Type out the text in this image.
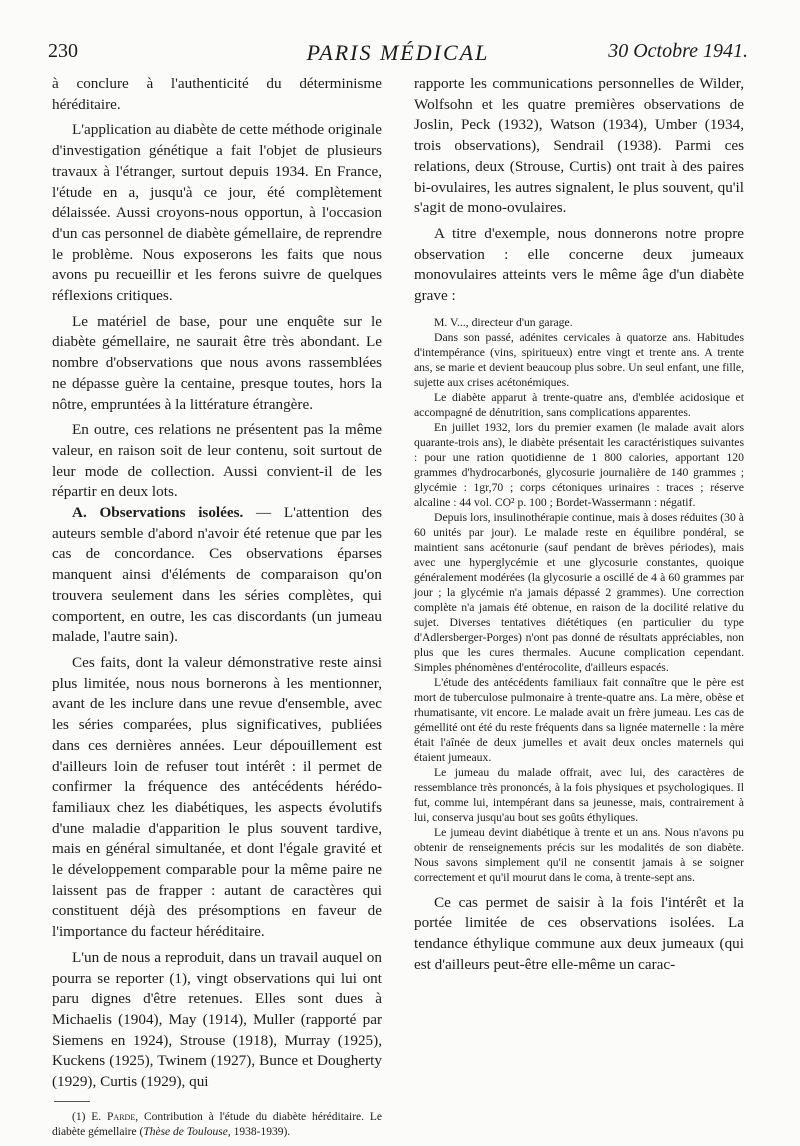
230	PARIS MÉDICAL	30 Octobre 1941.

à conclure à l'authenticité du déterminisme héréditaire.

L'application au diabète de cette méthode originale d'investigation génétique a fait l'objet de plusieurs travaux à l'étranger, surtout depuis 1934. En France, l'étude en a, jusqu'à ce jour, été complètement délaissée. Aussi croyons-nous opportun, à l'occasion d'un cas personnel de diabète gémellaire, de reprendre le problème. Nous exposerons les faits que nous avons pu recueillir et les ferons suivre de quelques réflexions critiques.

Le matériel de base, pour une enquête sur le diabète gémellaire, ne saurait être très abondant. Le nombre d'observations que nous avons rassemblées ne dépasse guère la centaine, presque toutes, hors la nôtre, empruntées à la littérature étrangère.

En outre, ces relations ne présentent pas la même valeur, en raison soit de leur contenu, soit surtout de leur mode de collection. Aussi convient-il de les répartir en deux lots.

A. Observations isolées. — L'attention des auteurs semble d'abord n'avoir été retenue que par les cas de concordance. Ces observations éparses manquent ainsi d'éléments de comparaison qu'on trouvera seulement dans les séries complètes, qui comportent, en outre, les cas discordants (un jumeau malade, l'autre sain).

Ces faits, dont la valeur démonstrative reste ainsi plus limitée, nous nous bornerons à les mentionner, avant de les inclure dans une revue d'ensemble, avec les séries comparées, plus significatives, publiées dans ces dernières années. Leur dépouillement est d'ailleurs loin de refuser tout intérêt : il permet de confirmer la fréquence des antécédents hérédo-familiaux chez les diabétiques, les aspects évolutifs d'une maladie d'apparition le plus souvent tardive, mais en général simultanée, et dont l'égale gravité et le développement comparable pour la même paire ne laissent pas de frapper : autant de caractères qui constituent déjà des présomptions en faveur de l'importance du facteur héréditaire.

L'un de nous a reproduit, dans un travail auquel on pourra se reporter (1), vingt observations qui lui ont paru dignes d'être retenues. Elles sont dues à Michaelis (1904), May (1914), Muller (rapporté par Siemens en 1924), Strouse (1918), Murray (1925), Kuckens (1925), Twinem (1927), Bunce et Dougherty (1929), Curtis (1929), qui

(1) E. Parde, Contribution à l'étude du diabète héréditaire. Le diabète gémellaire (Thèse de Toulouse, 1938-1939).

rapporte les communications personnelles de Wilder, Wolfsohn et les quatre premières observations de Joslin, Peck (1932), Watson (1934), Umber (1934, trois observations), Sendrail (1938). Parmi ces relations, deux (Strouse, Curtis) ont trait à des paires bi-ovulaires, les autres signalent, le plus souvent, qu'il s'agit de mono-ovulaires.

A titre d'exemple, nous donnerons notre propre observation : elle concerne deux jumeaux monovulaires atteints vers le même âge d'un diabète grave :

M. V..., directeur d'un garage.

Dans son passé, adénites cervicales à quatorze ans. Habitudes d'intempérance (vins, spiritueux) entre vingt et trente ans. A trente ans, se marie et devient beaucoup plus sobre. Un seul enfant, une fille, sujette aux crises acétonémiques.

Le diabète apparut à trente-quatre ans, d'emblée acidosique et accompagné de dénutrition, sans complications apparentes.

En juillet 1932, lors du premier examen (le malade avait alors quarante-trois ans), le diabète présentait les caractéristiques suivantes : pour une ration quotidienne de 1 800 calories, apportant 120 grammes d'hydrocarbonés, glycosurie journalière de 140 grammes ; glycémie : 1gr,70 ; corps cétoniques urinaires : traces ; réserve alcaline : 44 vol. CO² p. 100 ; Bordet-Wassermann : négatif.

Depuis lors, insulinothérapie continue, mais à doses réduites (30 à 60 unités par jour). Le malade reste en équilibre pondéral, se maintient sans acétonurie (sauf pendant de brèves périodes), mais avec une hyperglycémie et une glycosurie constantes, quoique généralement modérées (la glycosurie a oscillé de 4 à 60 grammes par jour ; la glycémie n'a jamais dépassé 2 grammes). Une correction complète n'a jamais été obtenue, en raison de la docilité relative du sujet. Diverses tentatives diététiques (en particulier du type d'Adlersberger-Porges) n'ont pas donné de résultats appréciables, non plus que les cures thermales. Aucune complication cependant. Simples phénomènes d'entérocolite, d'ailleurs espacés.

L'étude des antécédents familiaux fait connaître que le père est mort de tuberculose pulmonaire à trente-quatre ans. La mère, obèse et rhumatisante, vit encore. Le malade avait un frère jumeau. Les cas de gémellité ont été du reste fréquents dans sa lignée maternelle : la mère était l'aînée de deux jumelles et avait deux oncles maternels qui étaient jumeaux.

Le jumeau du malade offrait, avec lui, des caractères de ressemblance très prononcés, à la fois physiques et psychologiques. Il fut, comme lui, intempérant dans sa jeunesse, mais, contrairement à lui, conserva jusqu'au bout ses goûts éthyliques.

Le jumeau devint diabétique à trente et un ans. Nous n'avons pu obtenir de renseignements précis sur les modalités de son diabète. Nous savons simplement qu'il ne consentit jamais à se soigner correctement et qu'il mourut dans le coma, à trente-sept ans.

Ce cas permet de saisir à la fois l'intérêt et la portée limitée de ces observations isolées. La tendance éthylique commune aux deux jumeaux (qui est d'ailleurs peut-être elle-même un carac-
